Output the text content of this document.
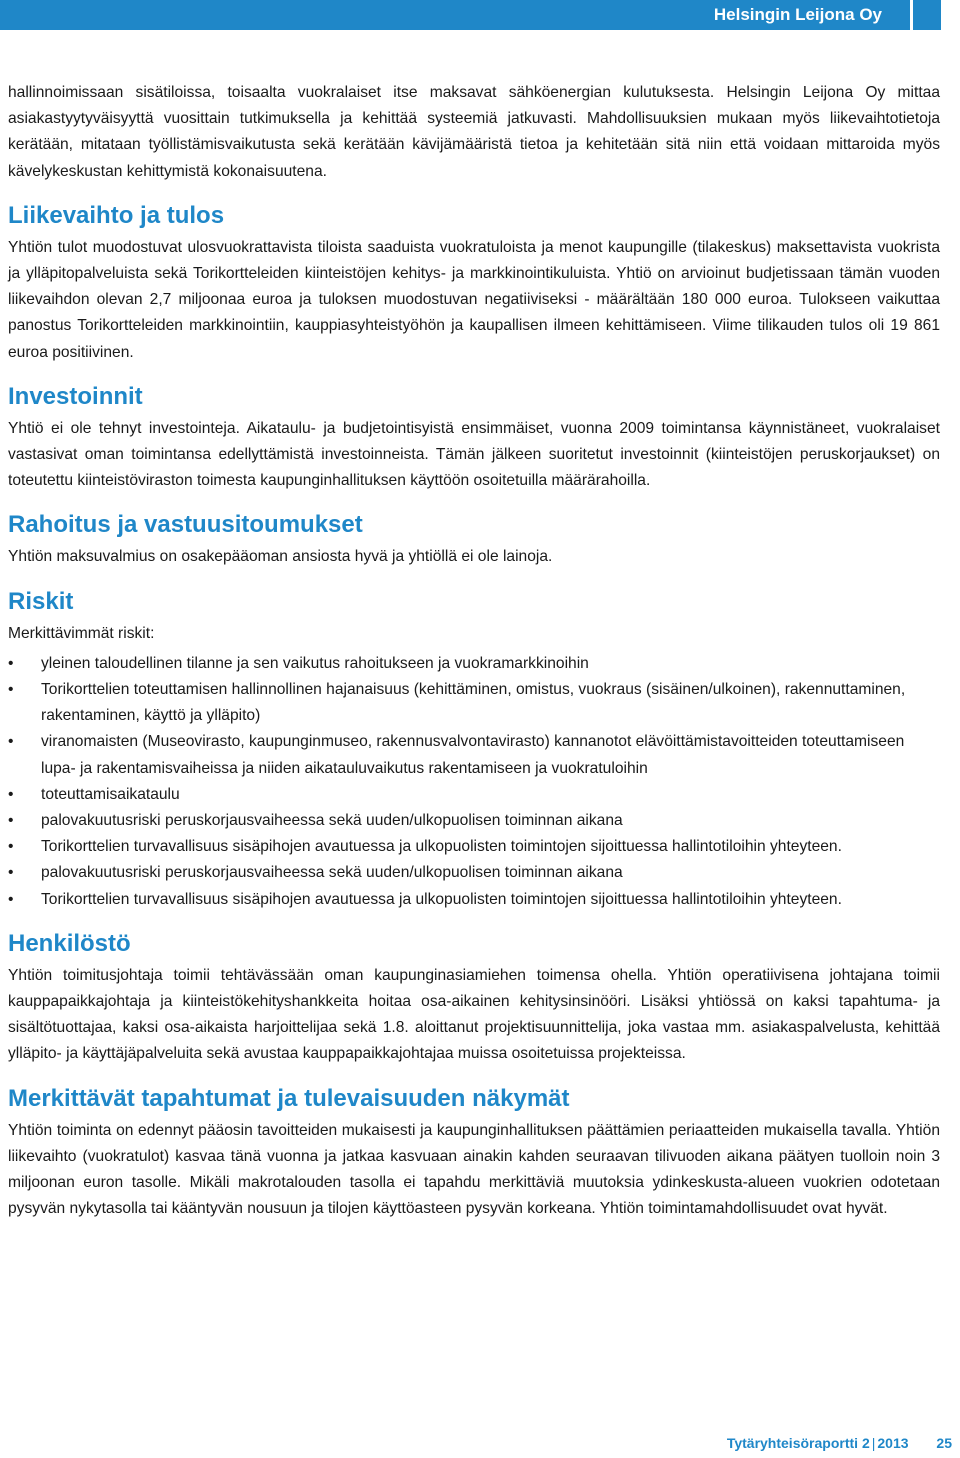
Helsingin Leijona Oy

hallinnoimissaan sisätiloissa, toisaalta vuokralaiset itse maksavat sähköenergian kulutuksesta. Helsingin Leijona Oy mittaa asiakastyytyväisyyttä vuosittain tutkimuksella ja kehittää systeemiä jatkuvasti. Mahdollisuuksien mukaan myös liikevaihtotietoja kerätään, mitataan työllistämisvaikutusta sekä kerätään kävijämääristä tietoa ja kehitetään sitä niin että voidaan mittaroida myös kävelykeskustan kehittymistä kokonaisuutena.

Liikevaihto ja tulos

Yhtiön tulot muodostuvat ulosvuokrattavista tiloista saaduista vuokratuloista ja menot kaupungille (tilakeskus) maksettavista vuokrista ja ylläpitopalveluista sekä Torikortteleiden kiinteistöjen kehitys- ja markkinointikuluista. Yhtiö on arvioinut budjetissaan tämän vuoden liikevaihdon olevan 2,7 miljoonaa euroa ja tuloksen muodostuvan negatiiviseksi - määrältään 180 000 euroa. Tulokseen vaikuttaa panostus Torikortteleiden markkinointiin, kauppiasyhteistyöhön ja kaupallisen ilmeen kehittämiseen. Viime tilikauden tulos oli 19 861 euroa positiivinen.

Investoinnit

Yhtiö ei ole tehnyt investointeja. Aikataulu- ja budjetointisyistä ensimmäiset, vuonna 2009 toimintansa käynnistäneet, vuokralaiset vastasivat oman toimintansa edellyttämistä investoinneista. Tämän jälkeen suoritetut investoinnit (kiinteistöjen peruskorjaukset) on toteutettu kiinteistöviraston toimesta kaupunginhallituksen käyttöön osoitetuilla määrärahoilla.

Rahoitus ja vastuusitoumukset

Yhtiön maksuvalmius on osakepääoman ansiosta hyvä ja yhtiöllä ei ole lainoja.

Riskit

Merkittävimmät riskit:

• yleinen taloudellinen tilanne ja sen vaikutus rahoitukseen ja vuokramarkkinoihin
• Torikorttelien toteuttamisen hallinnollinen hajanaisuus (kehittäminen, omistus, vuokraus (sisäinen/ulkoinen), rakennuttaminen, rakentaminen, käyttö ja ylläpito)
• viranomaisten (Museovirasto, kaupunginmuseo, rakennusvalvontavirasto) kannanotot elävöittämistavoitteiden toteuttamiseen lupa- ja rakentamisvaiheissa ja niiden aikatauluvaikutus rakentamiseen ja vuokratuloihin
• toteuttamisaikataulu
• palovakuutusriski peruskorjausvaiheessa sekä uuden/ulkopuolisen toiminnan aikana
• Torikorttelien turvavallisuus sisäpihojen avautuessa ja ulkopuolisten toimintojen sijoittuessa hallintotiloihin yhteyteen.
• palovakuutusriski peruskorjausvaiheessa sekä uuden/ulkopuolisen toiminnan aikana
• Torikorttelien turvavallisuus sisäpihojen avautuessa ja ulkopuolisten toimintojen sijoittuessa hallintotiloihin yhteyteen.
Henkilöstö

Yhtiön toimitusjohtaja toimii tehtävässään oman kaupunginasiamiehen toimensa ohella. Yhtiön operatiivisena johtajana toimii kauppapaikkajohtaja ja kiinteistökehityshankkeita hoitaa osa-aikainen kehitysinsinööri. Lisäksi yhtiössä on kaksi tapahtuma- ja sisältötuottajaa, kaksi osa-aikaista harjoittelijaa sekä 1.8. aloittanut projektisuunnittelija, joka vastaa mm. asiakaspalvelusta, kehittää ylläpito- ja käyttäjäpalveluita sekä avustaa kauppapaikkajohtajaa muissa osoitetuissa projekteissa.

Merkittävät tapahtumat ja tulevaisuuden näkymät

Yhtiön toiminta on edennyt pääosin tavoitteiden mukaisesti ja kaupunginhallituksen päättämien periaatteiden mukaisella tavalla. Yhtiön liikevaihto (vuokratulot) kasvaa tänä vuonna ja jatkaa kasvuaan ainakin kahden seuraavan tilivuoden aikana päätyen tuolloin noin 3 miljoonan euron tasolle. Mikäli makrotalouden tasolla ei tapahdu merkittäviä muutoksia ydinkeskusta-alueen vuokrien odotetaan pysyvän nykytasolla tai kääntyvän nousuun ja tilojen käyttöasteen pysyvän korkeana. Yhtiön toimintamahdollisuudet ovat hyvät.

Tytäryhteisöraportti 2 | 2013 25
